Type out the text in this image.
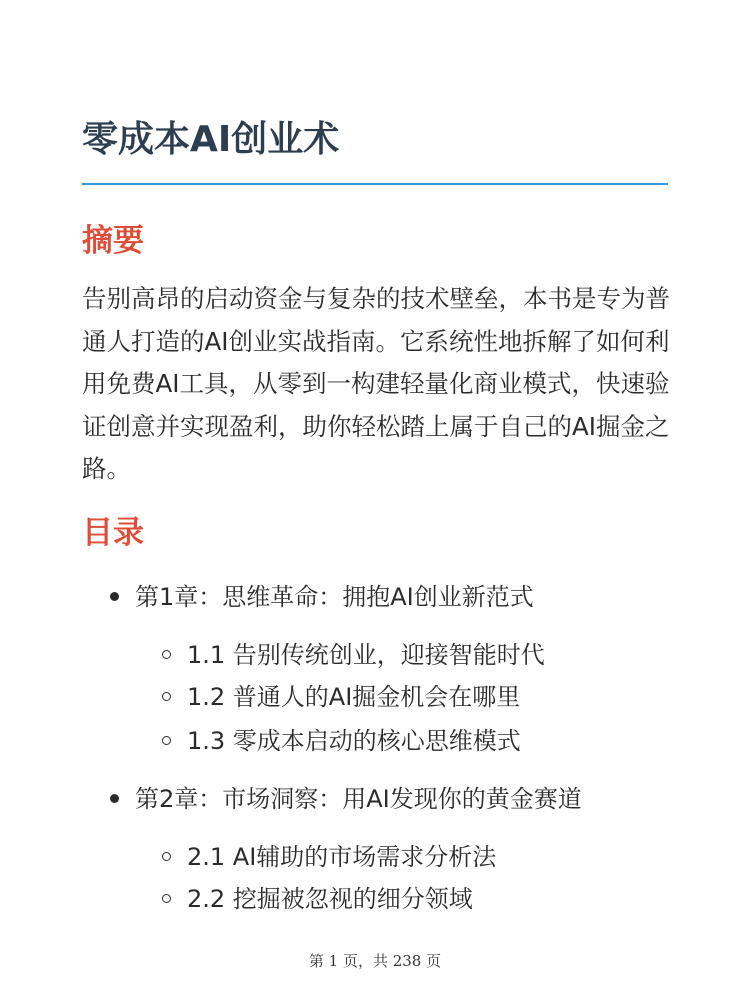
零成本AI创业术
摘要

告别高昂的启动资金与复杂的技术壁垒，本书是专为普通人打造的AI创业实战指南。它系统性地拆解了如何利用免费AI工具，从零到一构建轻量化商业模式，快速验证创意并实现盈利，助你轻松踏上属于自己的AI掘金之路。

目录
第1章：思维革命：拥抱AI创业新范式
1.1 告别传统创业，迎接智能时代
1.2 普通人的AI掘金机会在哪里
1.3 零成本启动的核心思维模式
第2章：市场洞察：用AI发现你的黄金赛道
2.1 AI辅助的市场需求分析法
2.2 挖掘被忽视的细分领域
第 1 页，共 238 页
